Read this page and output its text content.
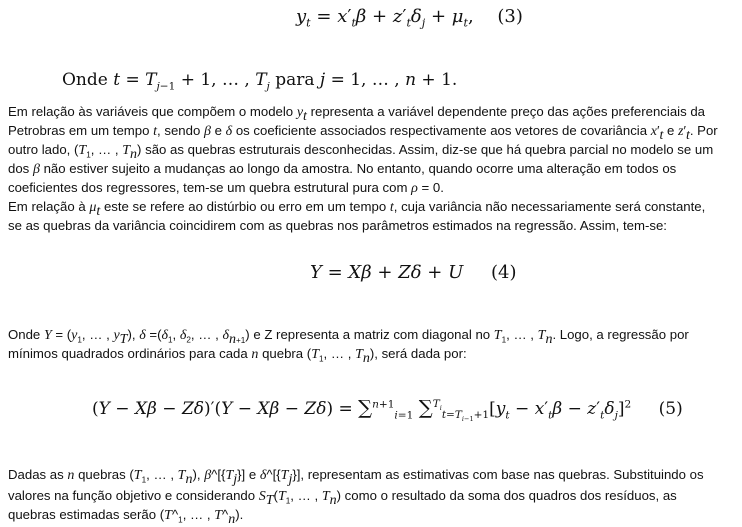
$y_t = x'_t\beta + z'_t\delta_j + \mu_t$, (3)
Onde $t = T_{j-1} + 1$, … , $T_j$ para j = 1, … , n + 1.
Em relação às variáveis que compõem o modelo $y_t$ representa a variável dependente preço das ações preferenciais da
Petrobras em um tempo t, sendo β e δ os coeficiente associados respectivamente aos vetores de covariância $x'_t$ e $z'_t$. Por
outro lado, ($T_1$, … , $T_n$) são as quebras estruturais desconhecidas. Assim, diz-se que há quebra parcial no modelo se um
dos β não estiver sujeito a mudanças ao longo da amostra. No entanto, quando ocorre uma alteração em todos os
coeficientes dos regressores, tem-se um quebra estrutural pura com ρ = 0.
Em relação à $\mu_t$ este se refere ao distúrbio ou erro em um tempo t, cuja variância não necessariamente será constante,
se as quebras da variância coincidirem com as quebras nos parâmetros estimados na regressão. Assim, tem-se:
Y = Xβ + Zδ + U (4)
Onde $Y = (y_1$, … , $y_T$), $\delta =(\delta_1$, $\delta_2$, … , $\delta_{n+1}$) e Z representa a matriz com diagonal no $T_1$, … , $T_n$. Logo, a regressão por
mínimos quadrados ordinários para cada n quebra ($T_1$, … , $T_n$), será dada por:
(Y − Xβ − Zδ)′(Y − Xβ − Zδ) = ∑$^{n+1}_{i=1}$ $\sum^{T_i}_{t=T_{i-1}+1}[y_t - x'_t\beta - z'_t\delta_j]^2$ (5)
Dadas as n quebras ($T_1$, … , $T_n$), $\beta\^{}[\{T_j\}]$ e $\delta\^{}[\{T_j\}]$, representam as estimativas com base nas quebras. Substituindo os
valores na função objetivo e considerando $S_T(T_1$, … , $T_n$) como o resultado da soma dos quadros dos resíduos, as
quebras estimadas serão ($T\^{}_1$, … , $T\^{}_n$).
